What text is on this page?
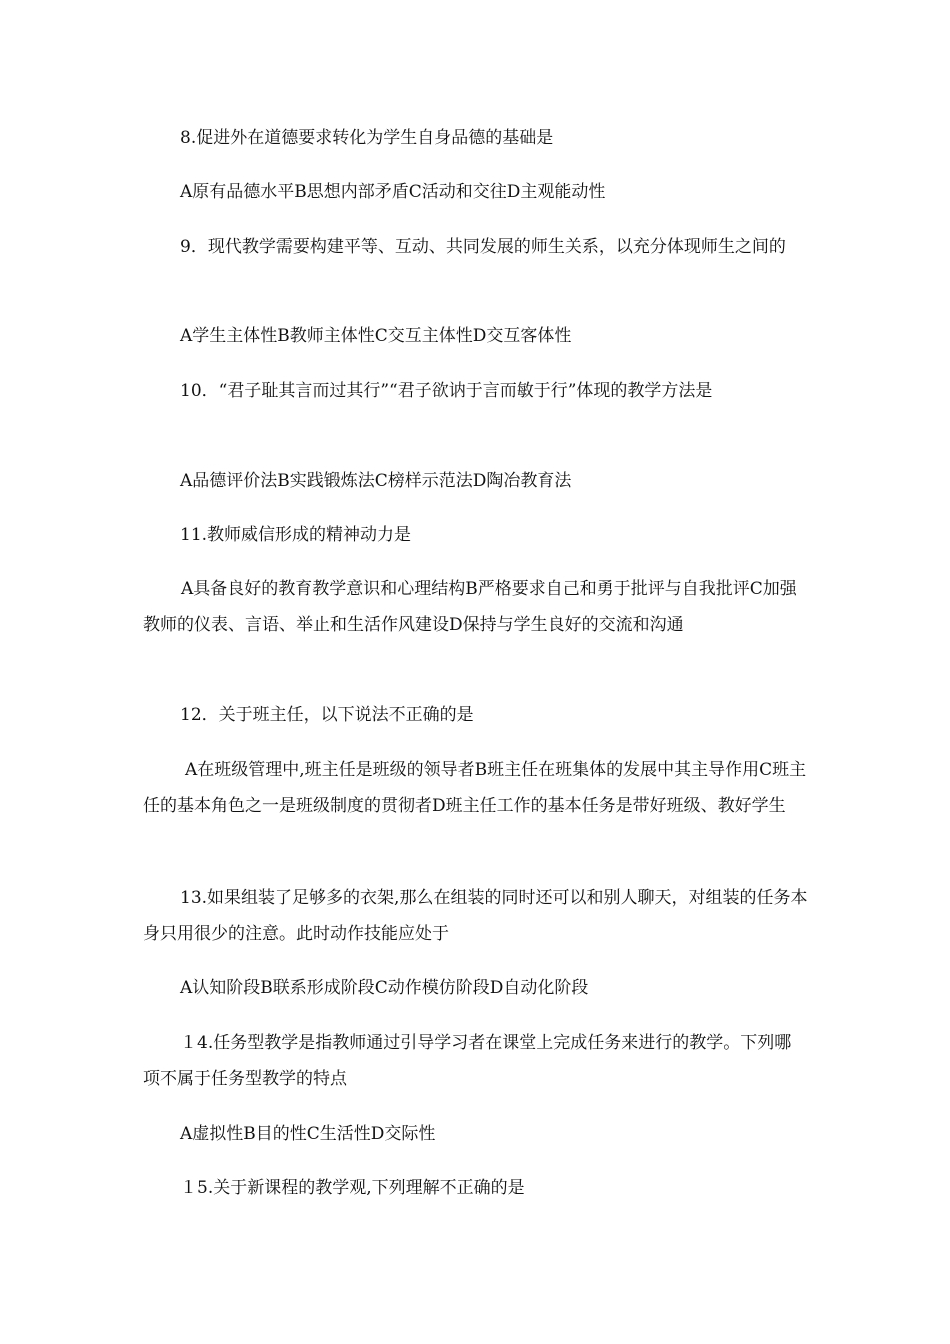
8.促进外在道德要求转化为学生自身品德的基础是

A原有品德水平B思想内部矛盾C活动和交往D主观能动性

9．现代教学需要构建平等、互动、共同发展的师生关系，以充分体现师生之间的

A学生主体性B教师主体性C交互主体性D交互客体性

10．“君子耻其言而过其行”“君子欲讷于言而敏于行”体现的教学方法是

A品德评价法B实践锻炼法C榜样示范法D陶冶教育法

11.教师威信形成的精神动力是

A具备良好的教育教学意识和心理结构B严格要求自己和勇于批评与自我批评C加强教师的仪表、言语、举止和生活作风建设D保持与学生良好的交流和沟通

12．关于班主任，以下说法不正确的是

A在班级管理中,班主任是班级的领导者B班主任在班集体的发展中其主导作用C班主任的基本角色之一是班级制度的贯彻者D班主任工作的基本任务是带好班级、教好学生

13.如果组装了足够多的衣架,那么在组装的同时还可以和别人聊天，对组装的任务本身只用很少的注意。此时动作技能应处于

A认知阶段B联系形成阶段C动作模仿阶段D自动化阶段

１4.任务型教学是指教师通过引导学习者在课堂上完成任务来进行的教学。下列哪项不属于任务型教学的特点

A虚拟性B目的性C生活性D交际性

１5.关于新课程的教学观,下列理解不正确的是
